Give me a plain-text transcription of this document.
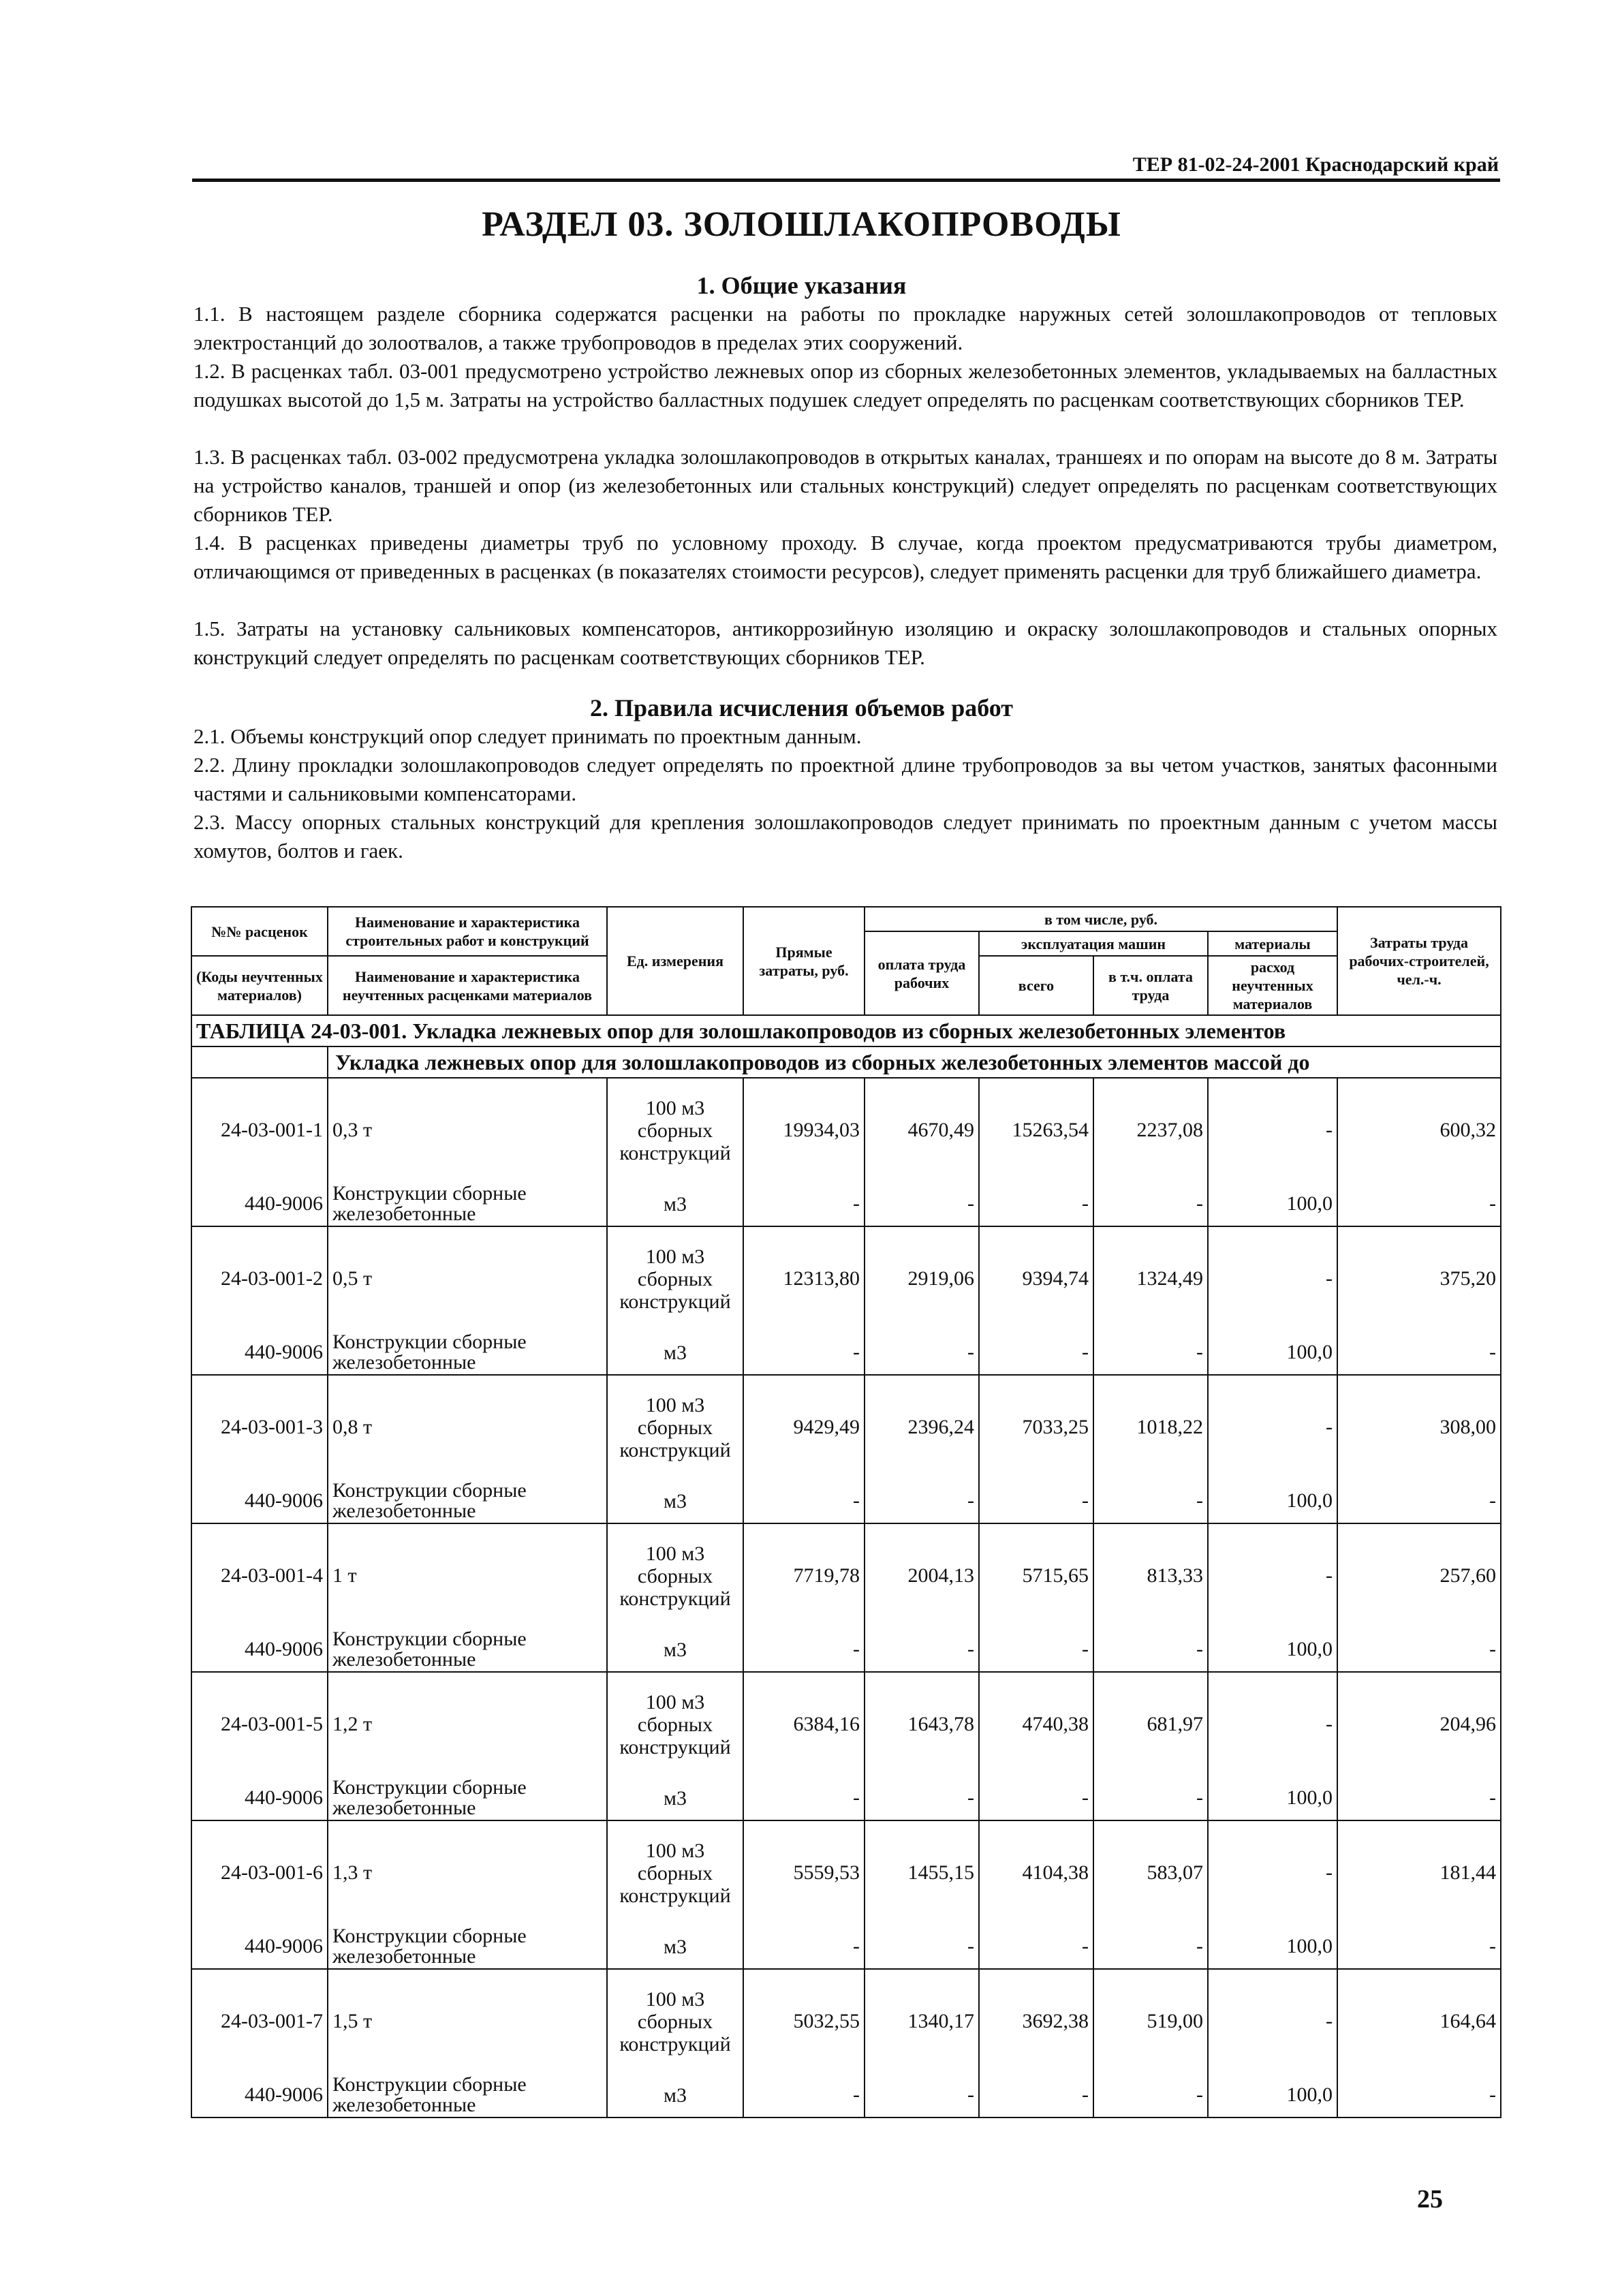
ТЕР 81-02-24-2001 Краснодарский край
РАЗДЕЛ 03. ЗОЛОШЛАКОПРОВОДЫ
1. Общие указания
1.1. В настоящем разделе сборника содержатся расценки на работы по прокладке наружных сетей золошлакопроводов от тепловых электростанций до золоотвалов, а также трубопроводов в пределах этих сооружений.
1.2. В расценках табл. 03-001 предусмотрено устройство лежневых опор из сборных железобетонных элементов, укладываемых на балластных подушках высотой до 1,5 м. Затраты на устройство балластных подушек следует определять по расценкам соответствующих сборников ТЕР.
1.3. В расценках табл. 03-002 предусмотрена укладка золошлакопроводов в открытых каналах, траншеях и по опорам на высоте до 8 м. Затраты на устройство каналов, траншей и опор (из железобетонных или стальных конструкций) следует определять по расценкам соответствующих сборников ТЕР.
1.4. В расценках приведены диаметры труб по условному проходу. В случае, когда проектом предусматриваются трубы диаметром, отличающимся от приведенных в расценках (в показателях стоимости ресурсов), следует применять расценки для труб ближайшего диаметра.
1.5. Затраты на установку сальниковых компенсаторов, антикоррозийную изоляцию и окраску золошлакопроводов и стальных опорных конструкций следует определять по расценкам соответствующих сборников ТЕР.
2. Правила исчисления объемов работ
2.1. Объемы конструкций опор следует принимать по проектным данным.
2.2. Длину прокладки золошлакопроводов следует определять по проектной длине трубопроводов за вы четом участков, занятых фасонными частями и сальниковыми компенсаторами.
2.3. Массу опорных стальных конструкций для крепления золошлакопроводов следует принимать по проектным данным с учетом массы хомутов, болтов и гаек.
№№ расценок	Наименование и характеристика строительных работ и конструкций	Ед. измерения	Прямые затраты, руб.	в том числе, руб.				Затраты труда рабочих-строителей, чел.-ч.
				оплата труда рабочих	эксплуатация машин		материалы	
(Коды неучтенных материалов)	Наименование и характеристика неучтенных расценками материалов				всего	в т.ч. оплата труда	расход неучтенных материалов	

ТАБЛИЦА 24-03-001. Укладка лежневых опор для золошлакопроводов из сборных железобетонных элементов								
	Укладка лежневых опор для золошлакопроводов из сборных железобетонных элементов массой до							
24-03-001-1	0,3 т	100 м3 сборных конструкций	19934,03	4670,49	15263,54	2237,08	-	600,32
440-9006	Конструкции сборные железобетонные	м3	-	-	-	-	100,0	-
24-03-001-2	0,5 т	100 м3 сборных конструкций	12313,80	2919,06	9394,74	1324,49	-	375,20
440-9006	Конструкции сборные железобетонные	м3	-	-	-	-	100,0	-
24-03-001-3	0,8 т	100 м3 сборных конструкций	9429,49	2396,24	7033,25	1018,22	-	308,00
440-9006	Конструкции сборные железобетонные	м3	-	-	-	-	100,0	-
24-03-001-4	1 т	100 м3 сборных конструкций	7719,78	2004,13	5715,65	813,33	-	257,60
440-9006	Конструкции сборные железобетонные	м3	-	-	-	-	100,0	-
24-03-001-5	1,2 т	100 м3 сборных конструкций	6384,16	1643,78	4740,38	681,97	-	204,96
440-9006	Конструкции сборные железобетонные	м3	-	-	-	-	100,0	-
24-03-001-6	1,3 т	100 м3 сборных конструкций	5559,53	1455,15	4104,38	583,07	-	181,44
440-9006	Конструкции сборные железобетонные	м3	-	-	-	-	100,0	-
24-03-001-7	1,5 т	100 м3 сборных конструкций	5032,55	1340,17	3692,38	519,00	-	164,64
440-9006	Конструкции сборные железобетонные	м3	-	-	-	-	100,0	-
25
